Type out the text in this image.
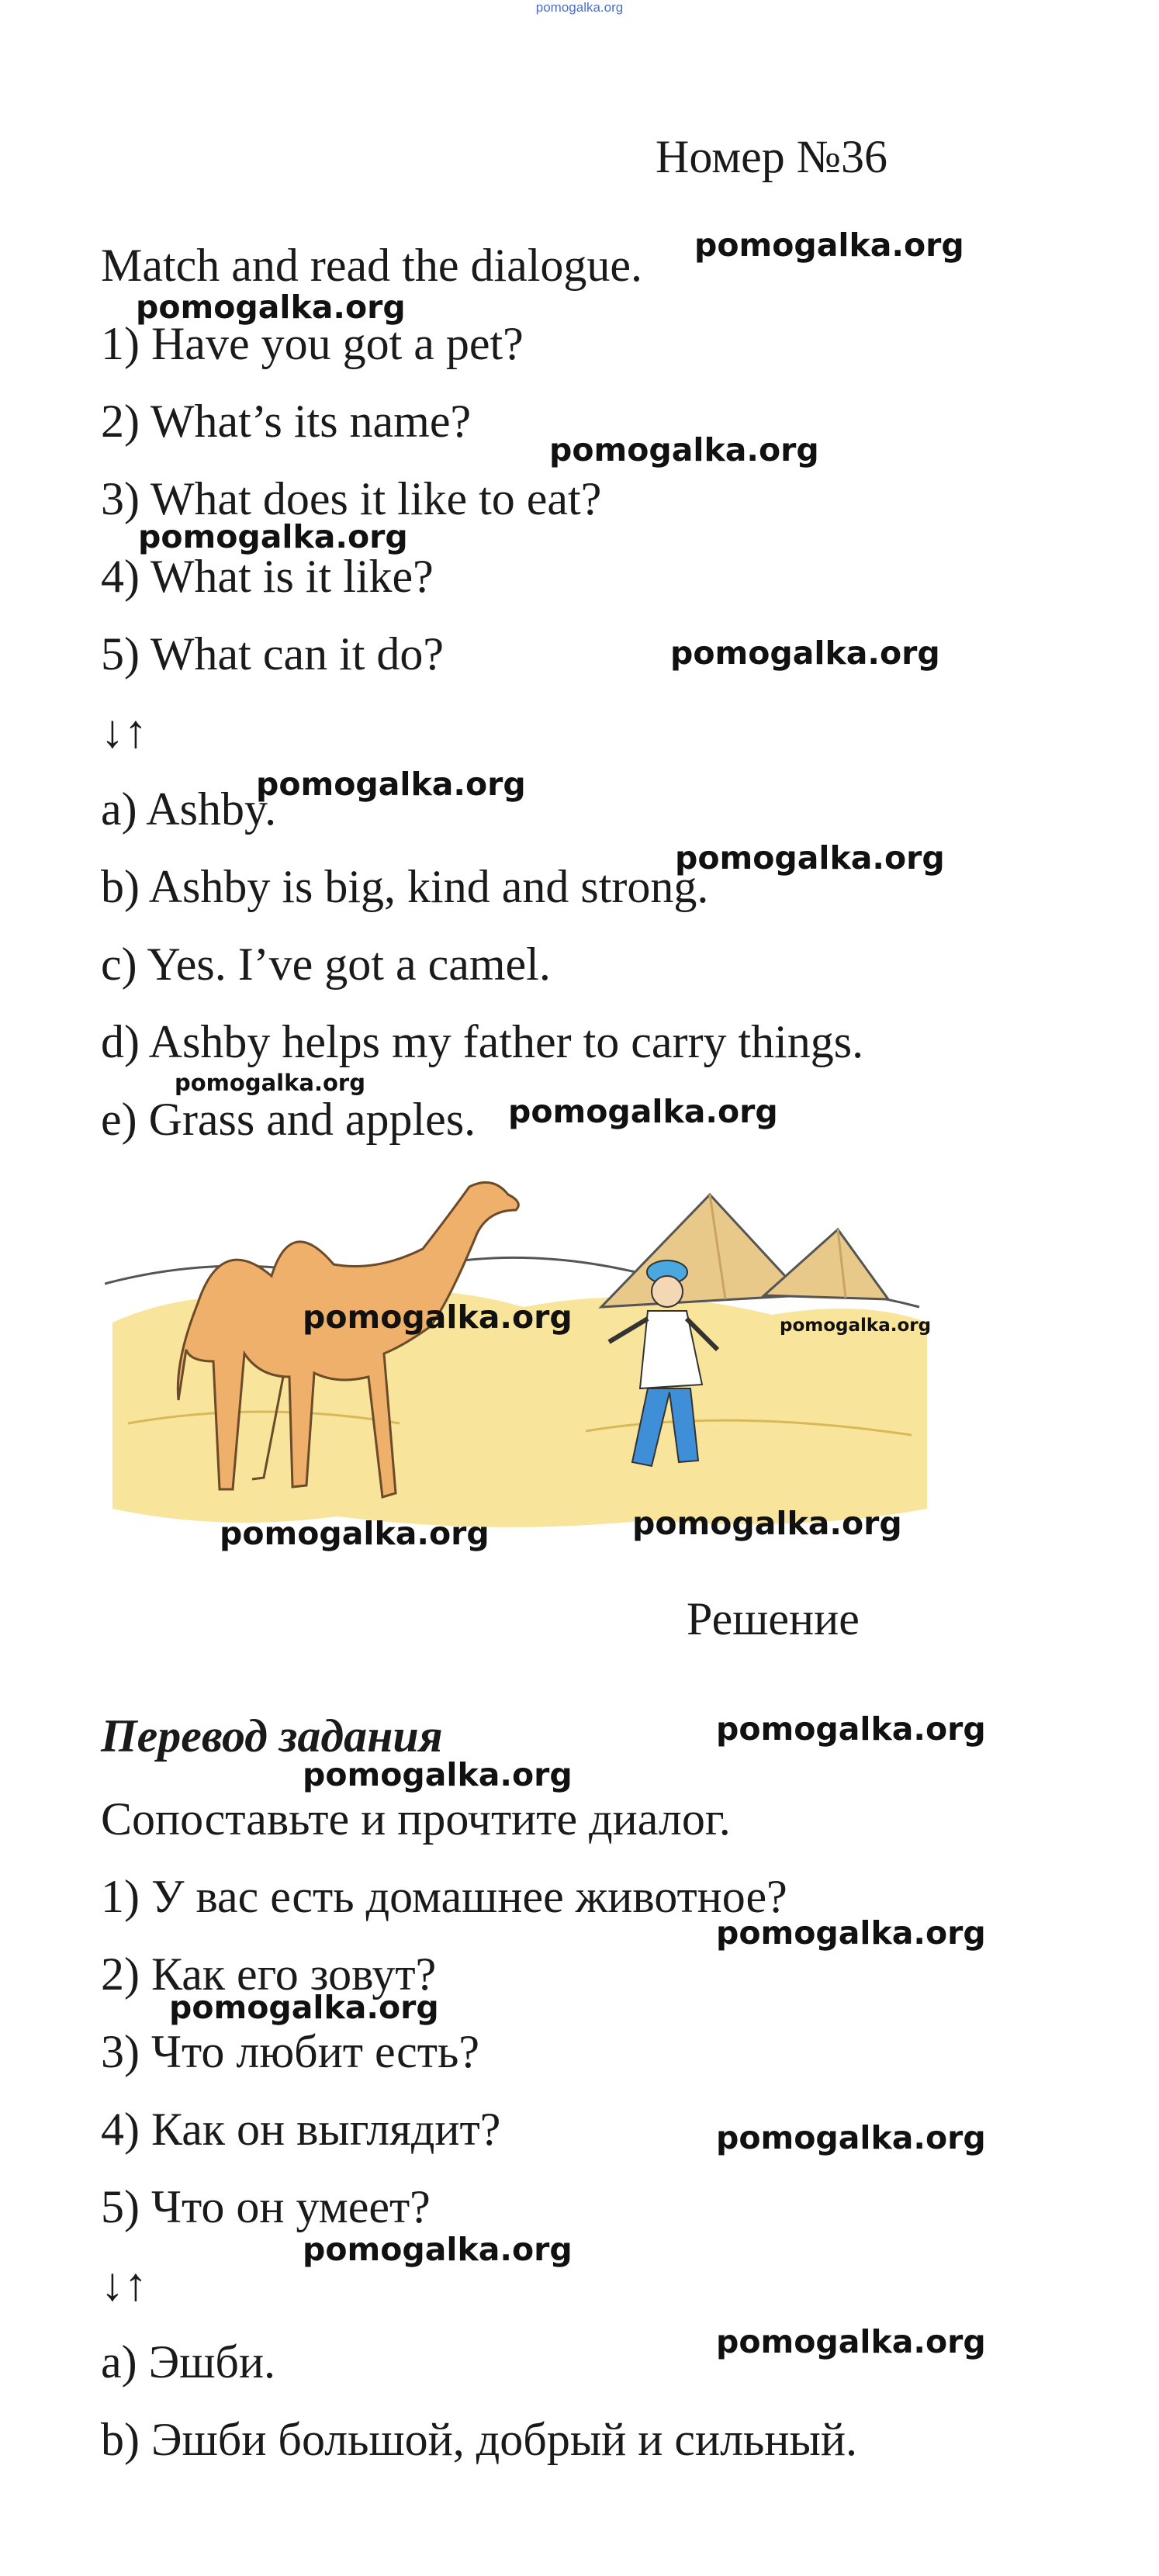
pomogalka.org
Номер №36
Match and read the dialogue.
1) Have you got a pet?
2) What’s its name?
3) What does it like to eat?
4) What is it like?
5) What can it do?
↓↑
a) Ashby.
b) Ashby is big, kind and strong.
c) Yes. I’ve got a camel.
d) Ashby helps my father to carry things.
e) Grass and apples.
Решение
Перевод задания
Сопоставьте и прочтите диалог.
1) У вас есть домашнее животное?
2) Как его зовут?
3) Что любит есть?
4) Как он выглядит?
5) Что он умеет?
↓↑
a) Эшби.
b) Эшби большой, добрый и сильный.
pomogalka.org
pomogalka.org
pomogalka.org
pomogalka.org
pomogalka.org
pomogalka.org
pomogalka.org
pomogalka.org
pomogalka.org
pomogalka.org	pomogalka.org
pomogalka.org	pomogalka.org
pomogalka.org
pomogalka.org
pomogalka.org
pomogalka.org
pomogalka.org
pomogalka.org
pomogalka.org
